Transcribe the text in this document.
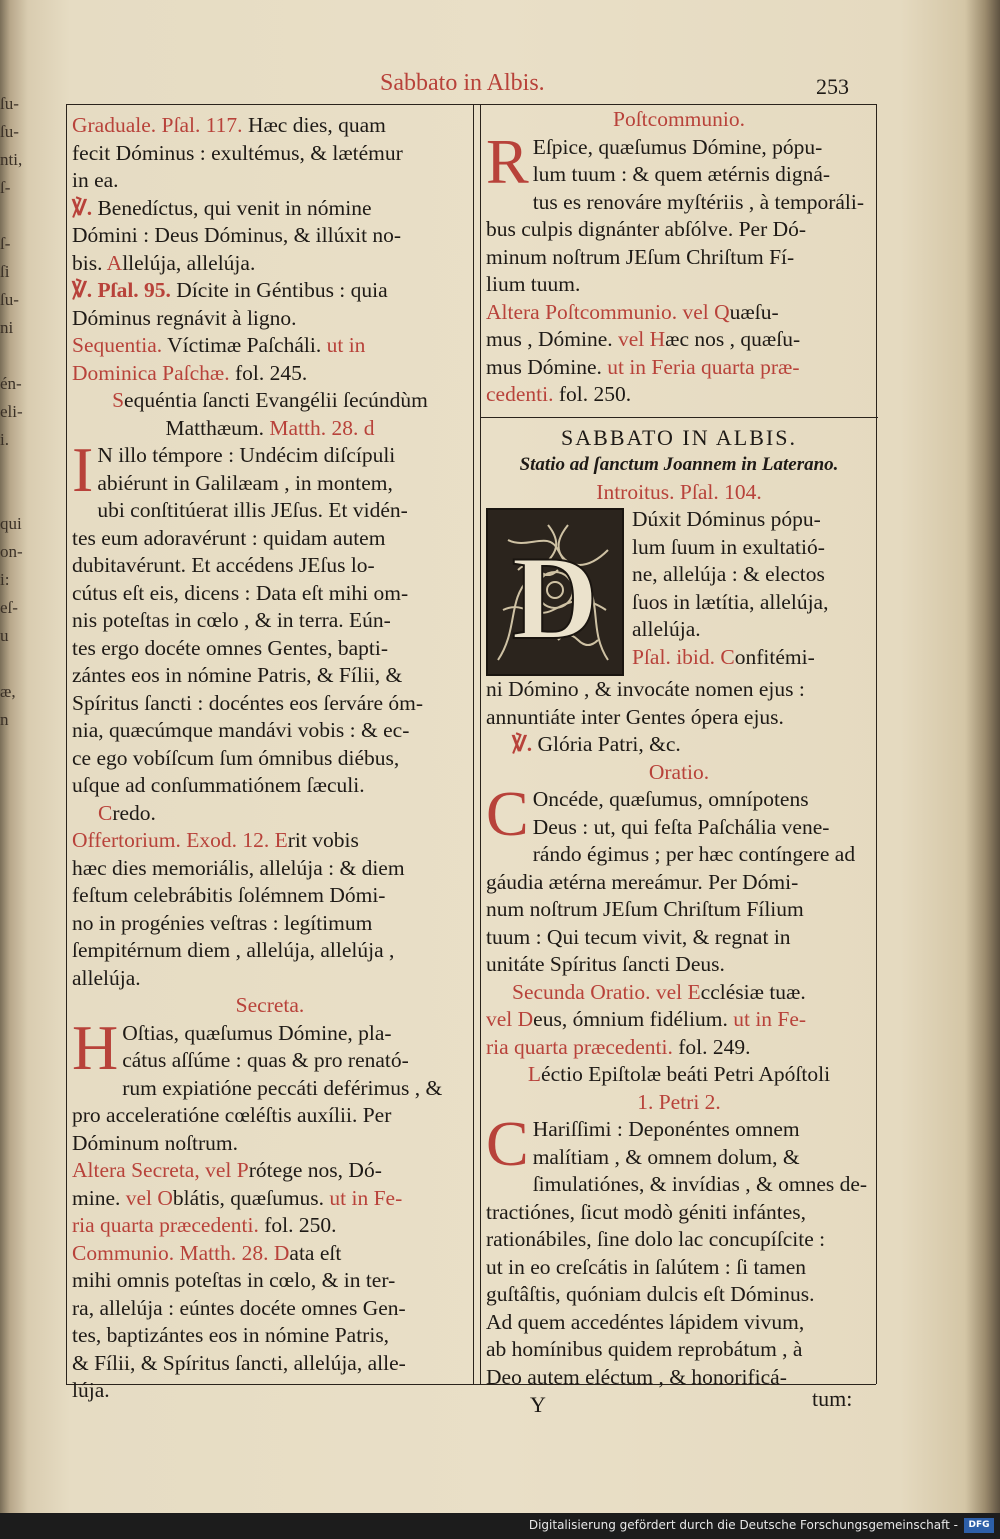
ſu-
ſu-
nti,
ſ-

ſ-
ſi
ſu-
ni

én-
eli-
i.

qui
on-
i:
eſ-
u

æ,
n
Sabbato in Albis.	253
Graduale. Pſal. 117. Hæc dies, quam
fecit Dóminus : exultémus, & lætémur
in ea.
℣. Benedíctus, qui venit in nómine
Dómini : Deus Dóminus, & illúxit no-
bis. Allelúja, allelúja.
℣. Pſal. 95. Dícite in Géntibus : quia
Dóminus regnávit à ligno.
Sequentia. Víctimæ Paſcháli. ut in
Dominica Paſchæ. fol. 245.
Sequéntia ſancti Evangélii ſecúndùm
Matthæum. Matth. 28. d
I N illo témpore : Undécim diſcípuli
abiérunt in Galilæam , in montem,
ubi conſtitúerat illis JEſus. Et vidén-
tes eum adoravérunt : quidam autem
dubitavérunt. Et accédens JEſus lo-
cútus eſt eis, dicens : Data eſt mihi om-
nis poteſtas in cœlo , & in terra. Eún-
tes ergo docéte omnes Gentes, bapti-
zántes eos in nómine Patris, & Fílii, &
Spíritus ſancti : docéntes eos ſerváre óm-
nia, quæcúmque mandávi vobis : & ec-
ce ego vobíſcum ſum ómnibus diébus,
uſque ad conſummatiónem ſæculi.
Credo.
Offertorium. Exod. 12. Erit vobis
hæc dies memoriális, allelúja : & diem
feſtum celebrábitis ſolémnem Dómi-
no in progénies veſtras : legítimum
ſempitérnum diem , allelúja, allelúja ,
allelúja.
Secreta.
H Oſtias, quæſumus Dómine, pla-
cátus aſſúme : quas & pro renató-
rum expiatióne peccáti deférimus , &
pro acceleratióne cœléſtis auxílii. Per
Dóminum noſtrum.
Altera Secreta, vel Prótege nos, Dó-
mine. vel Oblátis, quæſumus. ut in Fe-
ria quarta præcedenti. fol. 250.
Communio. Matth. 28. Data eſt
mihi omnis poteſtas in cœlo, & in ter-
ra, allelúja : eúntes docéte omnes Gen-
tes, baptizántes eos in nómine Patris,
& Fílii, & Spíritus ſancti, allelúja, alle-
lúja.
Poſtcommunio.
R Eſpice, quæſumus Dómine, pópu-
lum tuum : & quem ætérnis digná-
tus es renováre myſtériis , à temporáli-
bus culpis dignánter abſólve. Per Dó-
minum noſtrum JEſum Chriſtum Fí-
lium tuum.
Altera Poſtcommunio. vel Quæſu-
mus , Dómine. vel Hæc nos , quæſu-
mus Dómine. ut in Feria quarta præ-
cedenti. fol. 250.
SABBATO IN ALBIS.
Statio ad ſanctum Joannem in Laterano.
Introitus. Pſal. 104.
D
Dúxit Dóminus pópu-
lum ſuum in exultatió-
ne, allelúja : & electos
ſuos in lætítia, allelúja,
allelúja.
Pſal. ibid. Confitémi-
ni Dómino , & invocáte nomen ejus :
annuntiáte inter Gentes ópera ejus.
℣. Glória Patri, &c.
Oratio.
C Oncéde, quæſumus, omnípotens
Deus : ut, qui feſta Paſchália vene-
rándo égimus ; per hæc contíngere ad
gáudia ætérna mereámur. Per Dómi-
num noſtrum JEſum Chriſtum Fílium
tuum : Qui tecum vivit, & regnat in
unitáte Spíritus ſancti Deus.
Secunda Oratio. vel Ecclésiæ tuæ.
vel Deus, ómnium fidélium. ut in Fe-
ria quarta præcedenti. fol. 249.
Léctio Epiſtolæ beáti Petri Apóſtoli
1. Petri 2.
C Hariſſimi : Deponéntes omnem
malítiam , & omnem dolum, &
ſimulatiónes, & invídias , & omnes de-
tractiónes, ſicut modò géniti infántes,
rationábiles, ſine dolo lac concupíſcite :
ut in eo creſcátis in ſalútem : ſi tamen
guſtâſtis, quóniam dulcis eſt Dóminus.
Ad quem accedéntes lápidem vivum,
ab homínibus quidem reprobátum , à
Deo autem eléctum , & honorificá-
Y	tum:
Digitalisierung gefördert durch die Deutsche Forschungsgemeinschaft -	DFG
